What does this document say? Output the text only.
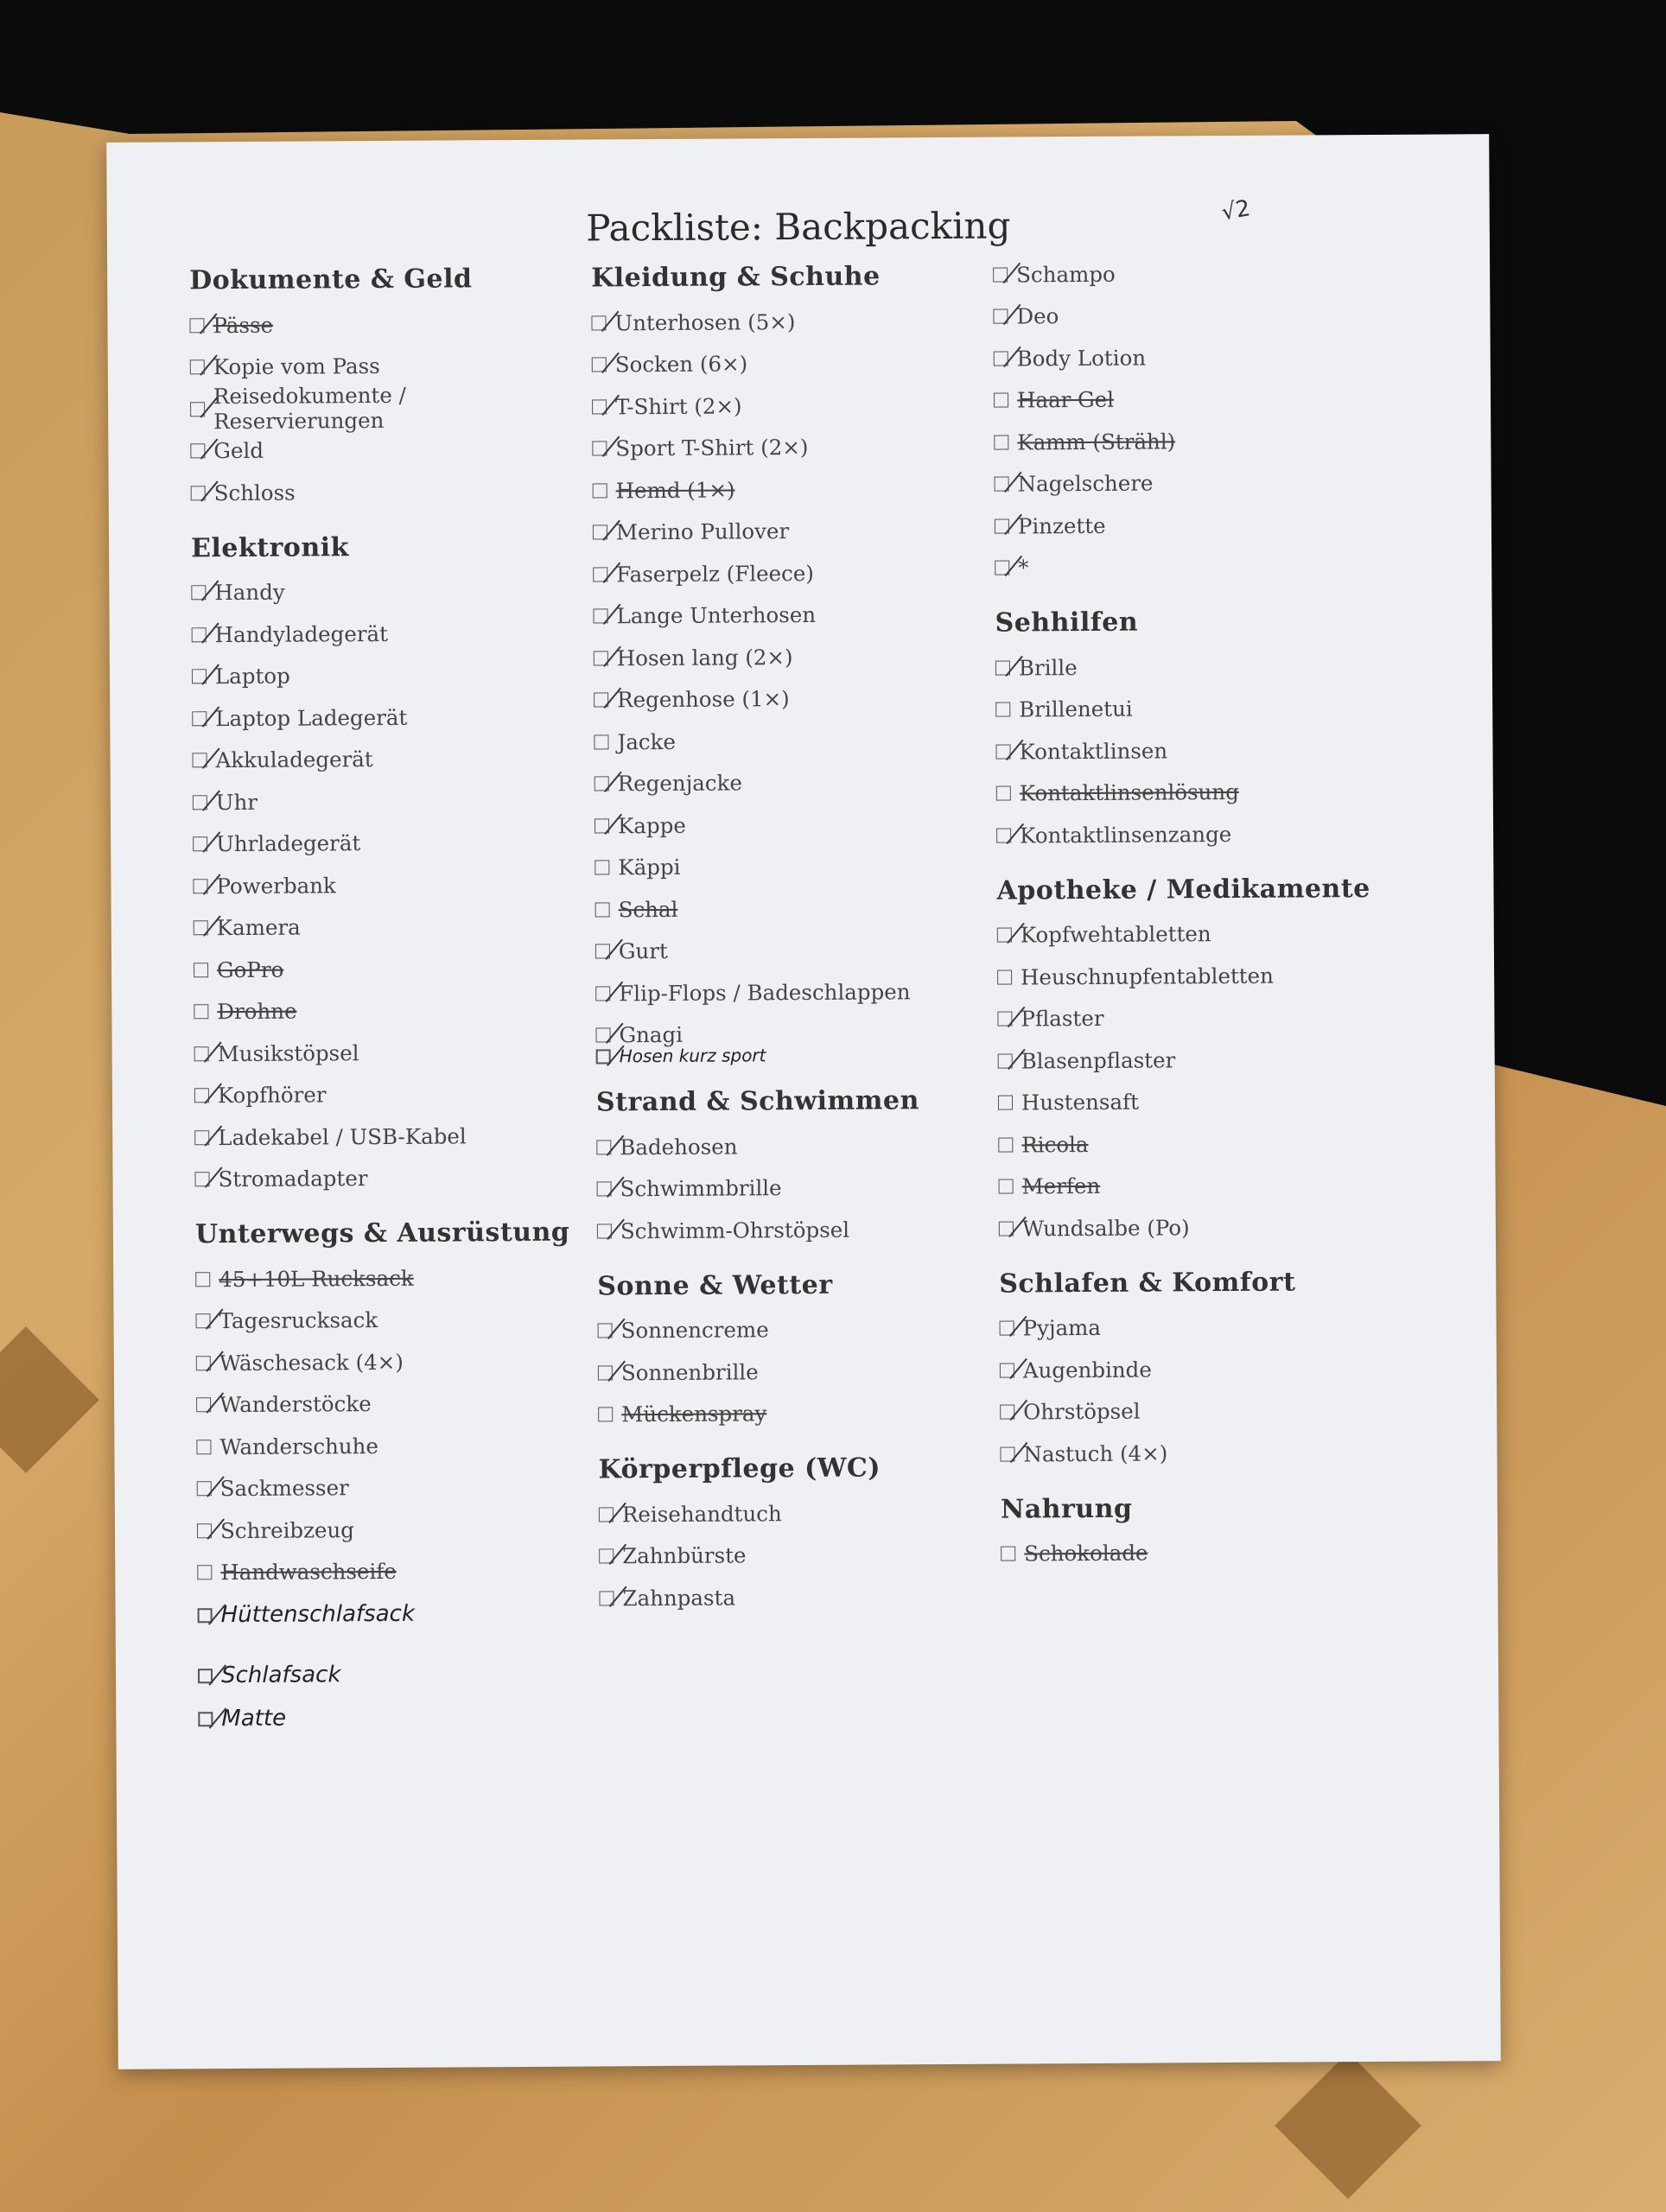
Packliste: Backpacking	√2
Dokumente & Geld
Pässe
Kopie vom Pass
Reisedokumente / Reservierungen
Geld
Schloss
Elektronik
Handy
Handyladegerät
Laptop
Laptop Ladegerät
Akkuladegerät
Uhr
Uhrladegerät
Powerbank
Kamera
GoPro
Drohne
Musikstöpsel
Kopfhörer
Ladekabel / USB-Kabel
Stromadapter
Unterwegs & Ausrüstung
45+10L Rucksack
Tagesrucksack
Wäschesack (4×)
Wanderstöcke
Wanderschuhe
Sackmesser
Schreibzeug
Handwaschseife
Hüttenschlafsack
Schlafsack
Matte
Kleidung & Schuhe
Unterhosen (5×)
Socken (6×)
T-Shirt (2×)
Sport T-Shirt (2×)
Hemd (1×)
Merino Pullover
Faserpelz (Fleece)
Lange Unterhosen
Hosen lang (2×)
Regenhose (1×)
Jacke
Regenjacke
Kappe
Käppi
Schal
Gurt
Flip-Flops / Badeschlappen
Gnagi
Hosen kurz sport
Strand & Schwimmen
Badehosen
Schwimmbrille
Schwimm-Ohrstöpsel
Sonne & Wetter
Sonnencreme
Sonnenbrille
Mückenspray
Körperpflege (WC)
Reisehandtuch
Zahnbürste
Zahnpasta
Schampo
Deo
Body Lotion
Haar Gel
Kamm (Strähl)
Nagelschere
Pinzette
*
Sehhilfen
Brille
Brillenetui
Kontaktlinsen
Kontaktlinsenlösung
Kontaktlinsenzange
Apotheke / Medikamente
Kopfwehtabletten
Heuschnupfentabletten
Pflaster
Blasenpflaster
Hustensaft
Ricola
Merfen
Wundsalbe (Po)
Schlafen & Komfort
Pyjama
Augenbinde
Ohrstöpsel
Nastuch (4×)
Nahrung
Schokolade
